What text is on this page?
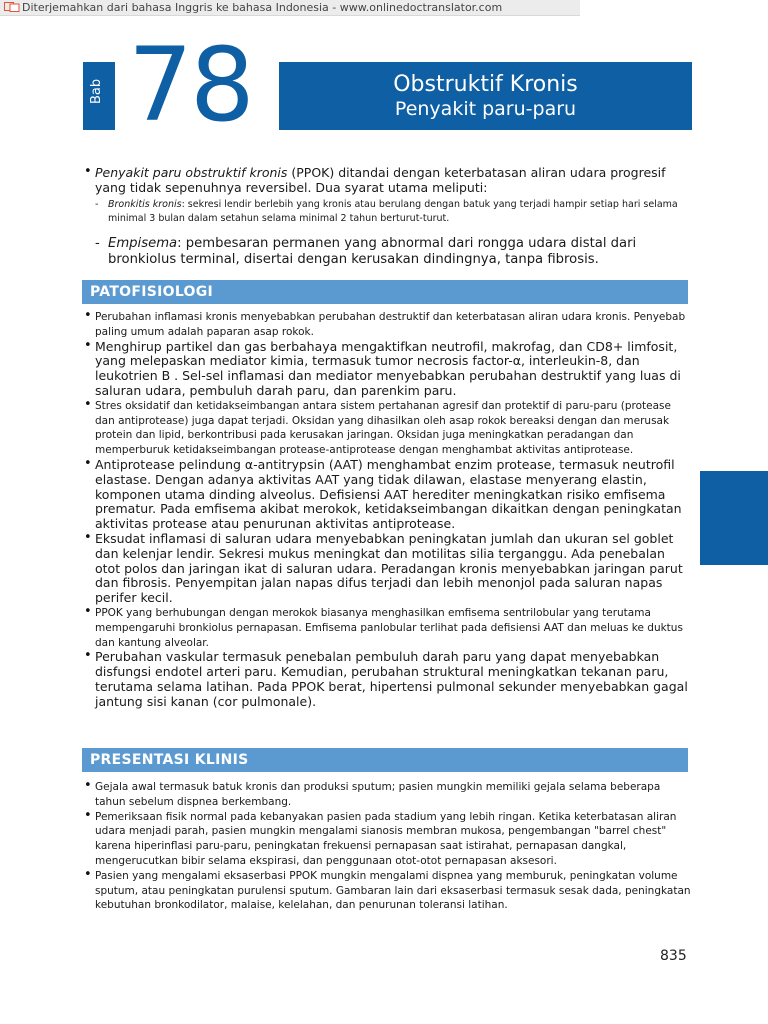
Diterjemahkan dari bahasa Inggris ke bahasa Indonesia - www.onlinedoctranslator.com
Bab 78	Obstruktif Kronis
Penyakit paru-paru
• Penyakit paru obstruktif kronis (PPOK) ditandai dengan keterbatasan aliran udara progresif yang tidak sepenuhnya reversibel. Dua syarat utama meliputi:
- Bronkitis kronis: sekresi lendir berlebih yang kronis atau berulang dengan batuk yang terjadi hampir setiap hari selama minimal 3 bulan dalam setahun selama minimal 2 tahun berturut-turut.
- Empisema: pembesaran permanen yang abnormal dari rongga udara distal dari bronkiolus terminal, disertai dengan kerusakan dindingnya, tanpa fibrosis.
PATOFISIOLOGI
• Perubahan inflamasi kronis menyebabkan perubahan destruktif dan keterbatasan aliran udara kronis. Penyebab paling umum adalah paparan asap rokok.
• Menghirup partikel dan gas berbahaya mengaktifkan neutrofil, makrofag, dan CD8+ limfosit, yang melepaskan mediator kimia, termasuk tumor necrosis factor-α, interleukin-8, dan leukotrien B . Sel-sel inflamasi dan mediator menyebabkan perubahan destruktif yang luas di saluran udara, pembuluh darah paru, dan parenkim paru.
• Stres oksidatif dan ketidakseimbangan antara sistem pertahanan agresif dan protektif di paru-paru (protease dan antiprotease) juga dapat terjadi. Oksidan yang dihasilkan oleh asap rokok bereaksi dengan dan merusak protein dan lipid, berkontribusi pada kerusakan jaringan. Oksidan juga meningkatkan peradangan dan memperburuk ketidakseimbangan protease-antiprotease dengan menghambat aktivitas antiprotease.
• Antiprotease pelindung α-antitrypsin (AAT) menghambat enzim protease, termasuk neutrofil elastase. Dengan adanya aktivitas AAT yang tidak dilawan, elastase menyerang elastin, komponen utama dinding alveolus. Defisiensi AAT herediter meningkatkan risiko emfisema prematur. Pada emfisema akibat merokok, ketidakseimbangan dikaitkan dengan peningkatan aktivitas protease atau penurunan aktivitas antiprotease.
• Eksudat inflamasi di saluran udara menyebabkan peningkatan jumlah dan ukuran sel goblet dan kelenjar lendir. Sekresi mukus meningkat dan motilitas silia terganggu. Ada penebalan otot polos dan jaringan ikat di saluran udara. Peradangan kronis menyebabkan jaringan parut dan fibrosis. Penyempitan jalan napas difus terjadi dan lebih menonjol pada saluran napas perifer kecil.
• PPOK yang berhubungan dengan merokok biasanya menghasilkan emfisema sentrilobular yang terutama mempengaruhi bronkiolus pernapasan. Emfisema panlobular terlihat pada defisiensi AAT dan meluas ke duktus dan kantung alveolar.
• Perubahan vaskular termasuk penebalan pembuluh darah paru yang dapat menyebabkan disfungsi endotel arteri paru. Kemudian, perubahan struktural meningkatkan tekanan paru, terutama selama latihan. Pada PPOK berat, hipertensi pulmonal sekunder menyebabkan gagal jantung sisi kanan (cor pulmonale).
PRESENTASI KLINIS
• Gejala awal termasuk batuk kronis dan produksi sputum; pasien mungkin memiliki gejala selama beberapa tahun sebelum dispnea berkembang.
• Pemeriksaan fisik normal pada kebanyakan pasien pada stadium yang lebih ringan. Ketika keterbatasan aliran udara menjadi parah, pasien mungkin mengalami sianosis membran mukosa, pengembangan "barrel chest" karena hiperinflasi paru-paru, peningkatan frekuensi pernapasan saat istirahat, pernapasan dangkal, mengerucutkan bibir selama ekspirasi, dan penggunaan otot-otot pernapasan aksesori.
• Pasien yang mengalami eksaserbasi PPOK mungkin mengalami dispnea yang memburuk, peningkatan volume sputum, atau peningkatan purulensi sputum. Gambaran lain dari eksaserbasi termasuk sesak dada, peningkatan kebutuhan bronkodilator, malaise, kelelahan, dan penurunan toleransi latihan.
835
